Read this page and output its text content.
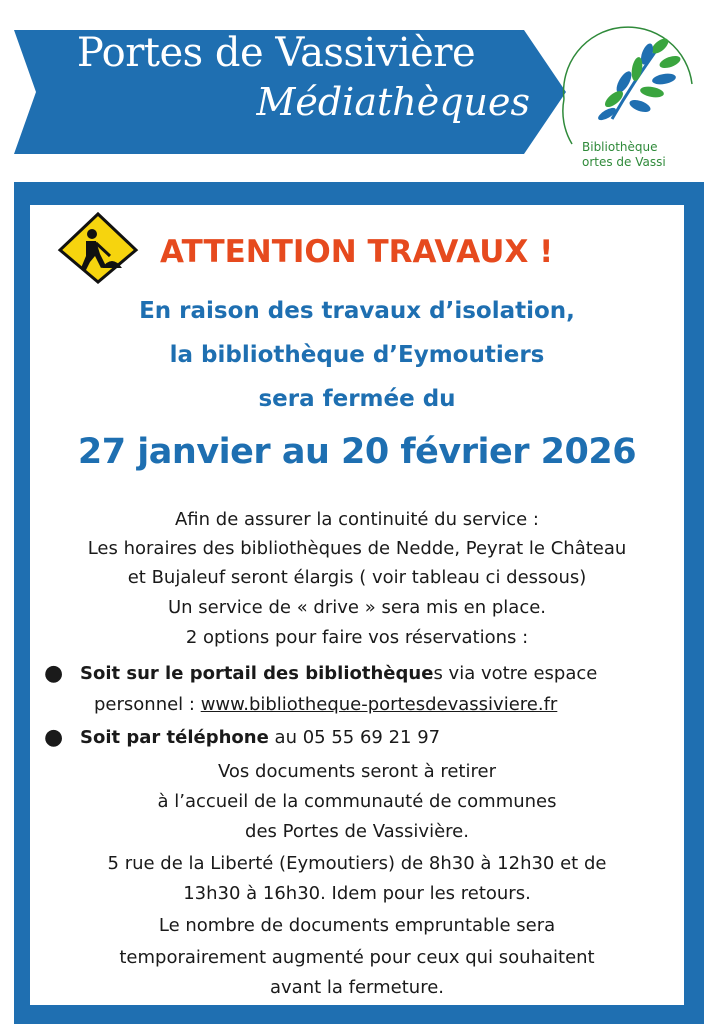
Portes de Vassivière
Médiathèques
Bibliothèque
ortes de Vassi
ATTENTION TRAVAUX !
En raison des travaux d’isolation,
la bibliothèque d’Eymoutiers
sera fermée du
27 janvier au 20 février 2026
Afin de assurer la continuité du service :
Les horaires des bibliothèques de Nedde, Peyrat le Château
et Bujaleuf seront élargis ( voir tableau ci dessous)
Un service de « drive » sera mis en place.
2 options pour faire vos réservations :
● Soit sur le portail des bibliothèques via votre espace
personnel : www.bibliotheque-portesdevassiviere.fr
● Soit par téléphone au 05 55 69 21 97
Vos documents seront à retirer
à l’accueil de la communauté de communes
des Portes de Vassivière.
5 rue de la Liberté (Eymoutiers) de 8h30 à 12h30 et de
13h30 à 16h30. Idem pour les retours.
Le nombre de documents empruntable sera
temporairement augmenté pour ceux qui souhaitent
avant la fermeture.
